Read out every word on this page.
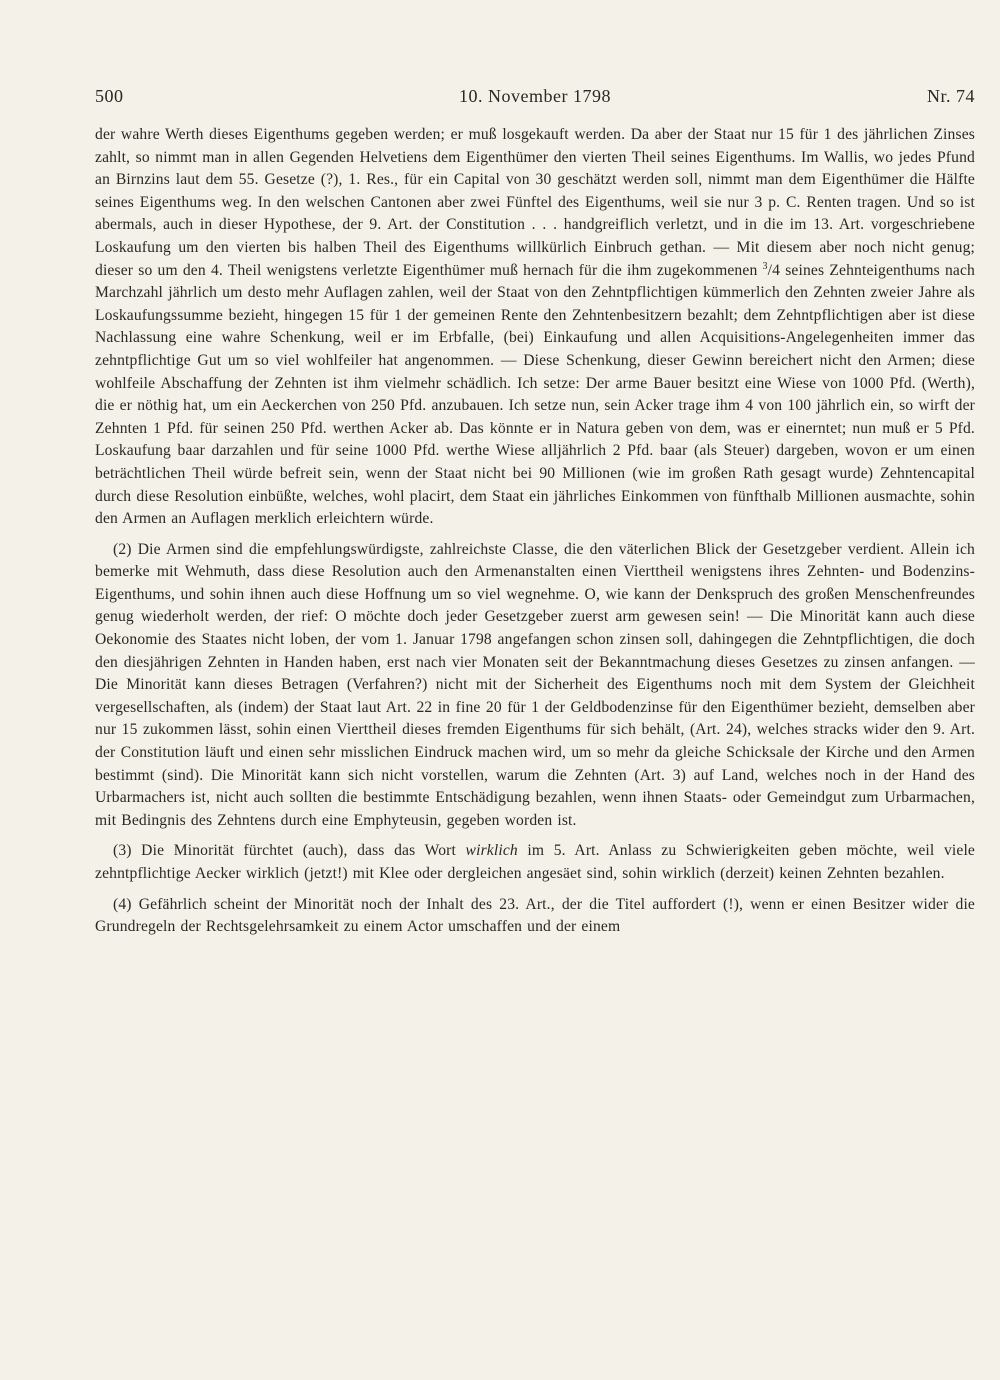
500	10. November 1798	Nr. 74

der wahre Werth dieses Eigenthums gegeben werden; er muß losgekauft werden. Da aber der Staat nur 15 für 1 des jährlichen Zinses zahlt, so nimmt man in allen Gegenden Helvetiens dem Eigenthümer den vierten Theil seines Eigenthums. Im Wallis, wo jedes Pfund an Birnzins laut dem 55. Gesetze (?), 1. Res., für ein Capital von 30 geschätzt werden soll, nimmt man dem Eigenthümer die Hälfte seines Eigenthums weg. In den welschen Cantonen aber zwei Fünftel des Eigenthums, weil sie nur 3 p. C. Renten tragen. Und so ist abermals, auch in dieser Hypothese, der 9. Art. der Constitution . . . handgreiflich verletzt, und in die im 13. Art. vorgeschriebene Loskaufung um den vierten bis halben Theil des Eigenthums willkürlich Einbruch gethan. — Mit diesem aber noch nicht genug; dieser so um den 4. Theil wenigstens verletzte Eigenthümer muß hernach für die ihm zugekommenen $^3$/4 seines Zehnteigenthums nach Marchzahl jährlich um desto mehr Auflagen zahlen, weil der Staat von den Zehntpflichtigen kümmerlich den Zehnten zweier Jahre als Loskaufungssumme bezieht, hingegen 15 für 1 der gemeinen Rente den Zehntenbesitzern bezahlt; dem Zehntpflichtigen aber ist diese Nachlassung eine wahre Schenkung, weil er im Erbfalle, (bei) Einkaufung und allen Acquisitions-Angelegenheiten immer das zehntpflichtige Gut um so viel wohlfeiler hat angenommen. — Diese Schenkung, dieser Gewinn bereichert nicht den Armen; diese wohlfeile Abschaffung der Zehnten ist ihm vielmehr schädlich. Ich setze: Der arme Bauer besitzt eine Wiese von 1000 Pfd. (Werth), die er nöthig hat, um ein Aeckerchen von 250 Pfd. anzubauen. Ich setze nun, sein Acker trage ihm 4 von 100 jährlich ein, so wirft der Zehnten 1 Pfd. für seinen 250 Pfd. werthen Acker ab. Das könnte er in Natura geben von dem, was er einerntet; nun muß er 5 Pfd. Loskaufung baar darzahlen und für seine 1000 Pfd. werthe Wiese alljährlich 2 Pfd. baar (als Steuer) dargeben, wovon er um einen beträchtlichen Theil würde befreit sein, wenn der Staat nicht bei 90 Millionen (wie im großen Rath gesagt wurde) Zehntencapital durch diese Resolution einbüßte, welches, wohl placirt, dem Staat ein jährliches Einkommen von fünfthalb Millionen ausmachte, sohin den Armen an Auflagen merklich erleichtern würde.

(2) Die Armen sind die empfehlungswürdigste, zahlreichste Classe, die den väterlichen Blick der Gesetzgeber verdient. Allein ich bemerke mit Wehmuth, dass diese Resolution auch den Armenanstalten einen Vierttheil wenigstens ihres Zehnten- und Bodenzins-Eigenthums, und sohin ihnen auch diese Hoffnung um so viel wegnehme. O, wie kann der Denkspruch des großen Menschenfreundes genug wiederholt werden, der rief: O möchte doch jeder Gesetzgeber zuerst arm gewesen sein! — Die Minorität kann auch diese Oekonomie des Staates nicht loben, der vom 1. Januar 1798 angefangen schon zinsen soll, dahingegen die Zehntpflichtigen, die doch den diesjährigen Zehnten in Handen haben, erst nach vier Monaten seit der Bekanntmachung dieses Gesetzes zu zinsen anfangen. — Die Minorität kann dieses Betragen (Verfahren?) nicht mit der Sicherheit des Eigenthums noch mit dem System der Gleichheit vergesellschaften, als (indem) der Staat laut Art. 22 in fine 20 für 1 der Geldbodenzinse für den Eigenthümer bezieht, demselben aber nur 15 zukommen lässt, sohin einen Vierttheil dieses fremden Eigenthums für sich behält, (Art. 24), welches stracks wider den 9. Art. der Constitution läuft und einen sehr misslichen Eindruck machen wird, um so mehr da gleiche Schicksale der Kirche und den Armen bestimmt (sind). Die Minorität kann sich nicht vorstellen, warum die Zehnten (Art. 3) auf Land, welches noch in der Hand des Urbarmachers ist, nicht auch sollten die bestimmte Entschädigung bezahlen, wenn ihnen Staats- oder Gemeindgut zum Urbarmachen, mit Bedingnis des Zehntens durch eine Emphyteusin, gegeben worden ist.

(3) Die Minorität fürchtet (auch), dass das Wort wirklich im 5. Art. Anlass zu Schwierigkeiten geben möchte, weil viele zehntpflichtige Aecker wirklich (jetzt!) mit Klee oder dergleichen angesäet sind, sohin wirklich (derzeit) keinen Zehnten bezahlen.

(4) Gefährlich scheint der Minorität noch der Inhalt des 23. Art., der die Titel auffordert (!), wenn er einen Besitzer wider die Grundregeln der Rechtsgelehrsamkeit zu einem Actor umschaffen und der einem
